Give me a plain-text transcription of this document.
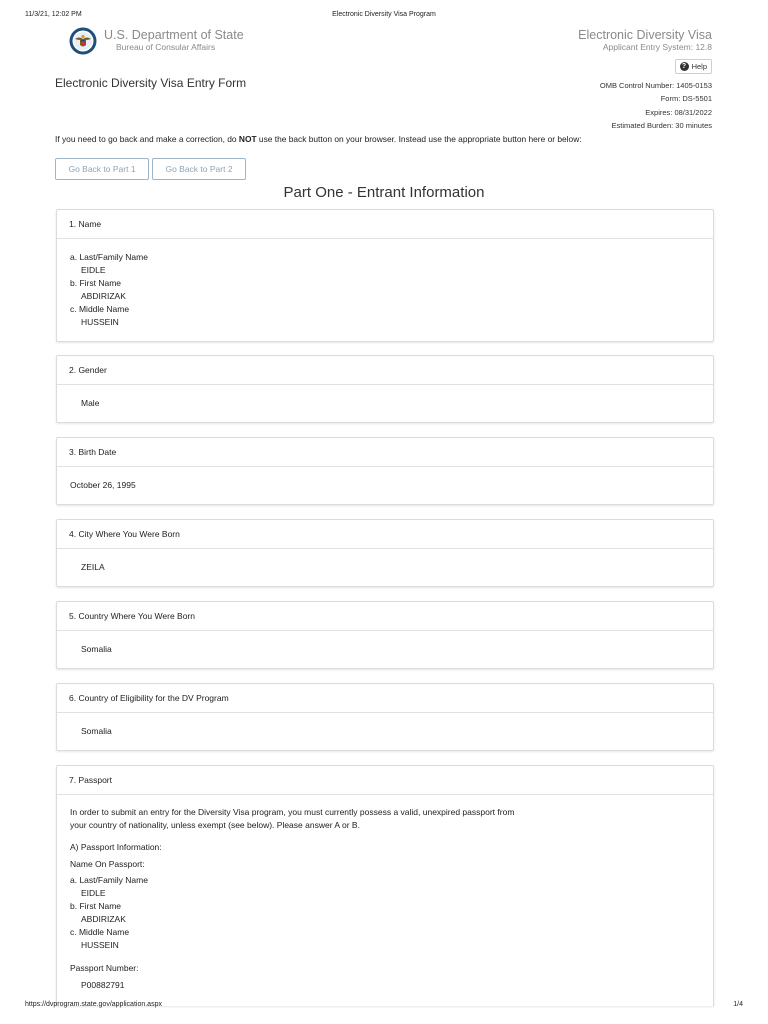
11/3/21, 12:02 PM	Electronic Diversity Visa Program
U.S. Department of State
Bureau of Consular Affairs
Electronic Diversity Visa
Applicant Entry System: 12.8
? Help
Electronic Diversity Visa Entry Form	OMB Control Number: 1405-0153
Form: DS-5501
Expires: 08/31/2022
Estimated Burden: 30 minutes
If you need to go back and make a correction, do NOT use the back button on your browser. Instead use the appropriate button here or below:
Go Back to Part 1	Go Back to Part 2
Part One - Entrant Information
1. Name
a. Last/Family Name
EIDLE
b. First Name
ABDIRIZAK
c. Middle Name
HUSSEIN
2. Gender
Male
3. Birth Date
October 26, 1995
4. City Where You Were Born
ZEILA
5. Country Where You Were Born
Somalia
6. Country of Eligibility for the DV Program
Somalia
7. Passport
In order to submit an entry for the Diversity Visa program, you must currently possess a valid, unexpired passport from
your country of nationality, unless exempt (see below). Please answer A or B.
A) Passport Information:
Name On Passport:
a. Last/Family Name
EIDLE
b. First Name
ABDIRIZAK
c. Middle Name
HUSSEIN
Passport Number:
P00882791
https://dvprogram.state.gov/application.aspx	1/4
